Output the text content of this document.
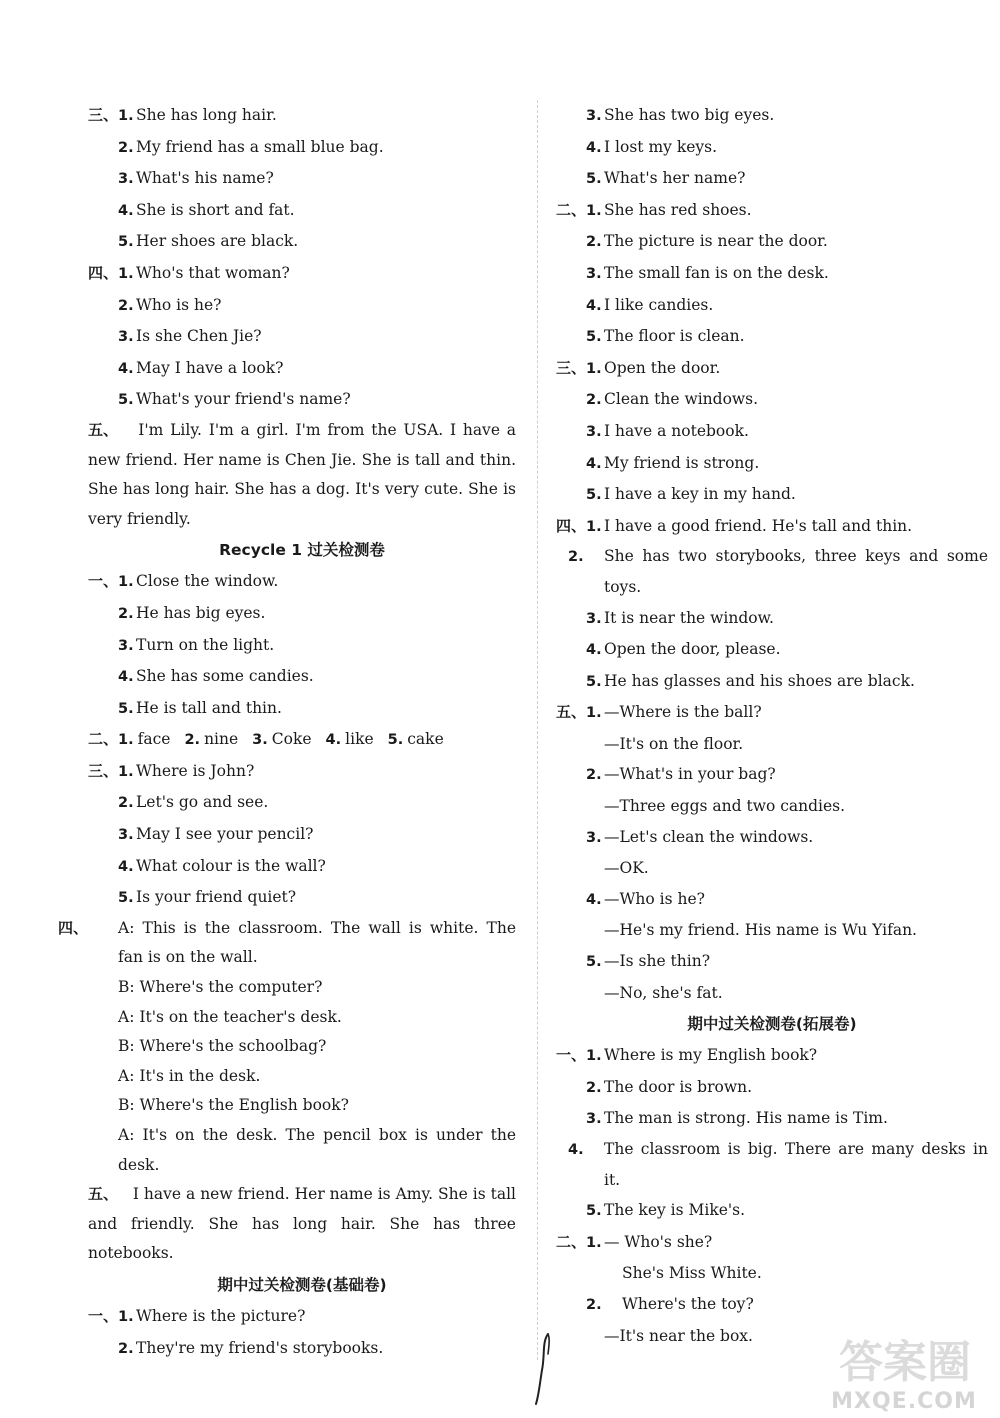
三、1. She has long hair.
2. My friend has a small blue bag.
3. What's his name?
4. She is short and fat.
5. Her shoes are black.
四、1. Who's that woman?
2. Who is he?
3. Is she Chen Jie?
4. May I have a look?
5. What's your friend's name?
五、   I'm Lily. I'm a girl. I'm from the USA. I have a new friend. Her name is Chen Jie. She is tall and thin. She has long hair. She has a dog. It's very cute. She is very friendly.
Recycle 1 过关检测卷
一、1. Close the window.
2. He has big eyes.
3. Turn on the light.
4. She has some candies.
5. He is tall and thin.
二、1. face 2. nine 3. Coke 4. like 5. cake
三、1. Where is John?
2. Let's go and see.
3. May I see your pencil?
4. What colour is the wall?
5. Is your friend quiet?
四、 A: This is the classroom. The wall is white. The fan is on the wall.
B: Where's the computer?
A: It's on the teacher's desk.
B: Where's the schoolbag?
A: It's in the desk.
B: Where's the English book?
A: It's on the desk. The pencil box is under the desk.
五、   I have a new friend. Her name is Amy. She is tall and friendly. She has long hair. She has three notebooks.
期中过关检测卷(基础卷)
一、1. Where is the picture?
2. They're my friend's storybooks.
3. She has two big eyes.
4. I lost my keys.
5. What's her name?
二、1. She has red shoes.
2. The picture is near the door.
3. The small fan is on the desk.
4. I like candies.
5. The floor is clean.
三、1. Open the door.
2. Clean the windows.
3. I have a notebook.
4. My friend is strong.
5. I have a key in my hand.
四、1. I have a good friend. He's tall and thin.
2. She has two storybooks, three keys and some toys.
3. It is near the window.
4. Open the door, please.
5. He has glasses and his shoes are black.
五、1. —Where is the ball?
—It's on the floor.
2. —What's in your bag?
—Three eggs and two candies.
3. —Let's clean the windows.
—OK.
4. —Who is he?
—He's my friend. His name is Wu Yifan.
5. —Is she thin?
—No, she's fat.
期中过关检测卷(拓展卷)
一、1. Where is my English book?
2. The door is brown.
3. The man is strong. His name is Tim.
4. The classroom is big. There are many desks in it.
5. The key is Mike's.
二、1. — Who's she?
She's Miss White.
2. Where's the toy?
—It's near the box.
答案圈
MXQE.COM
